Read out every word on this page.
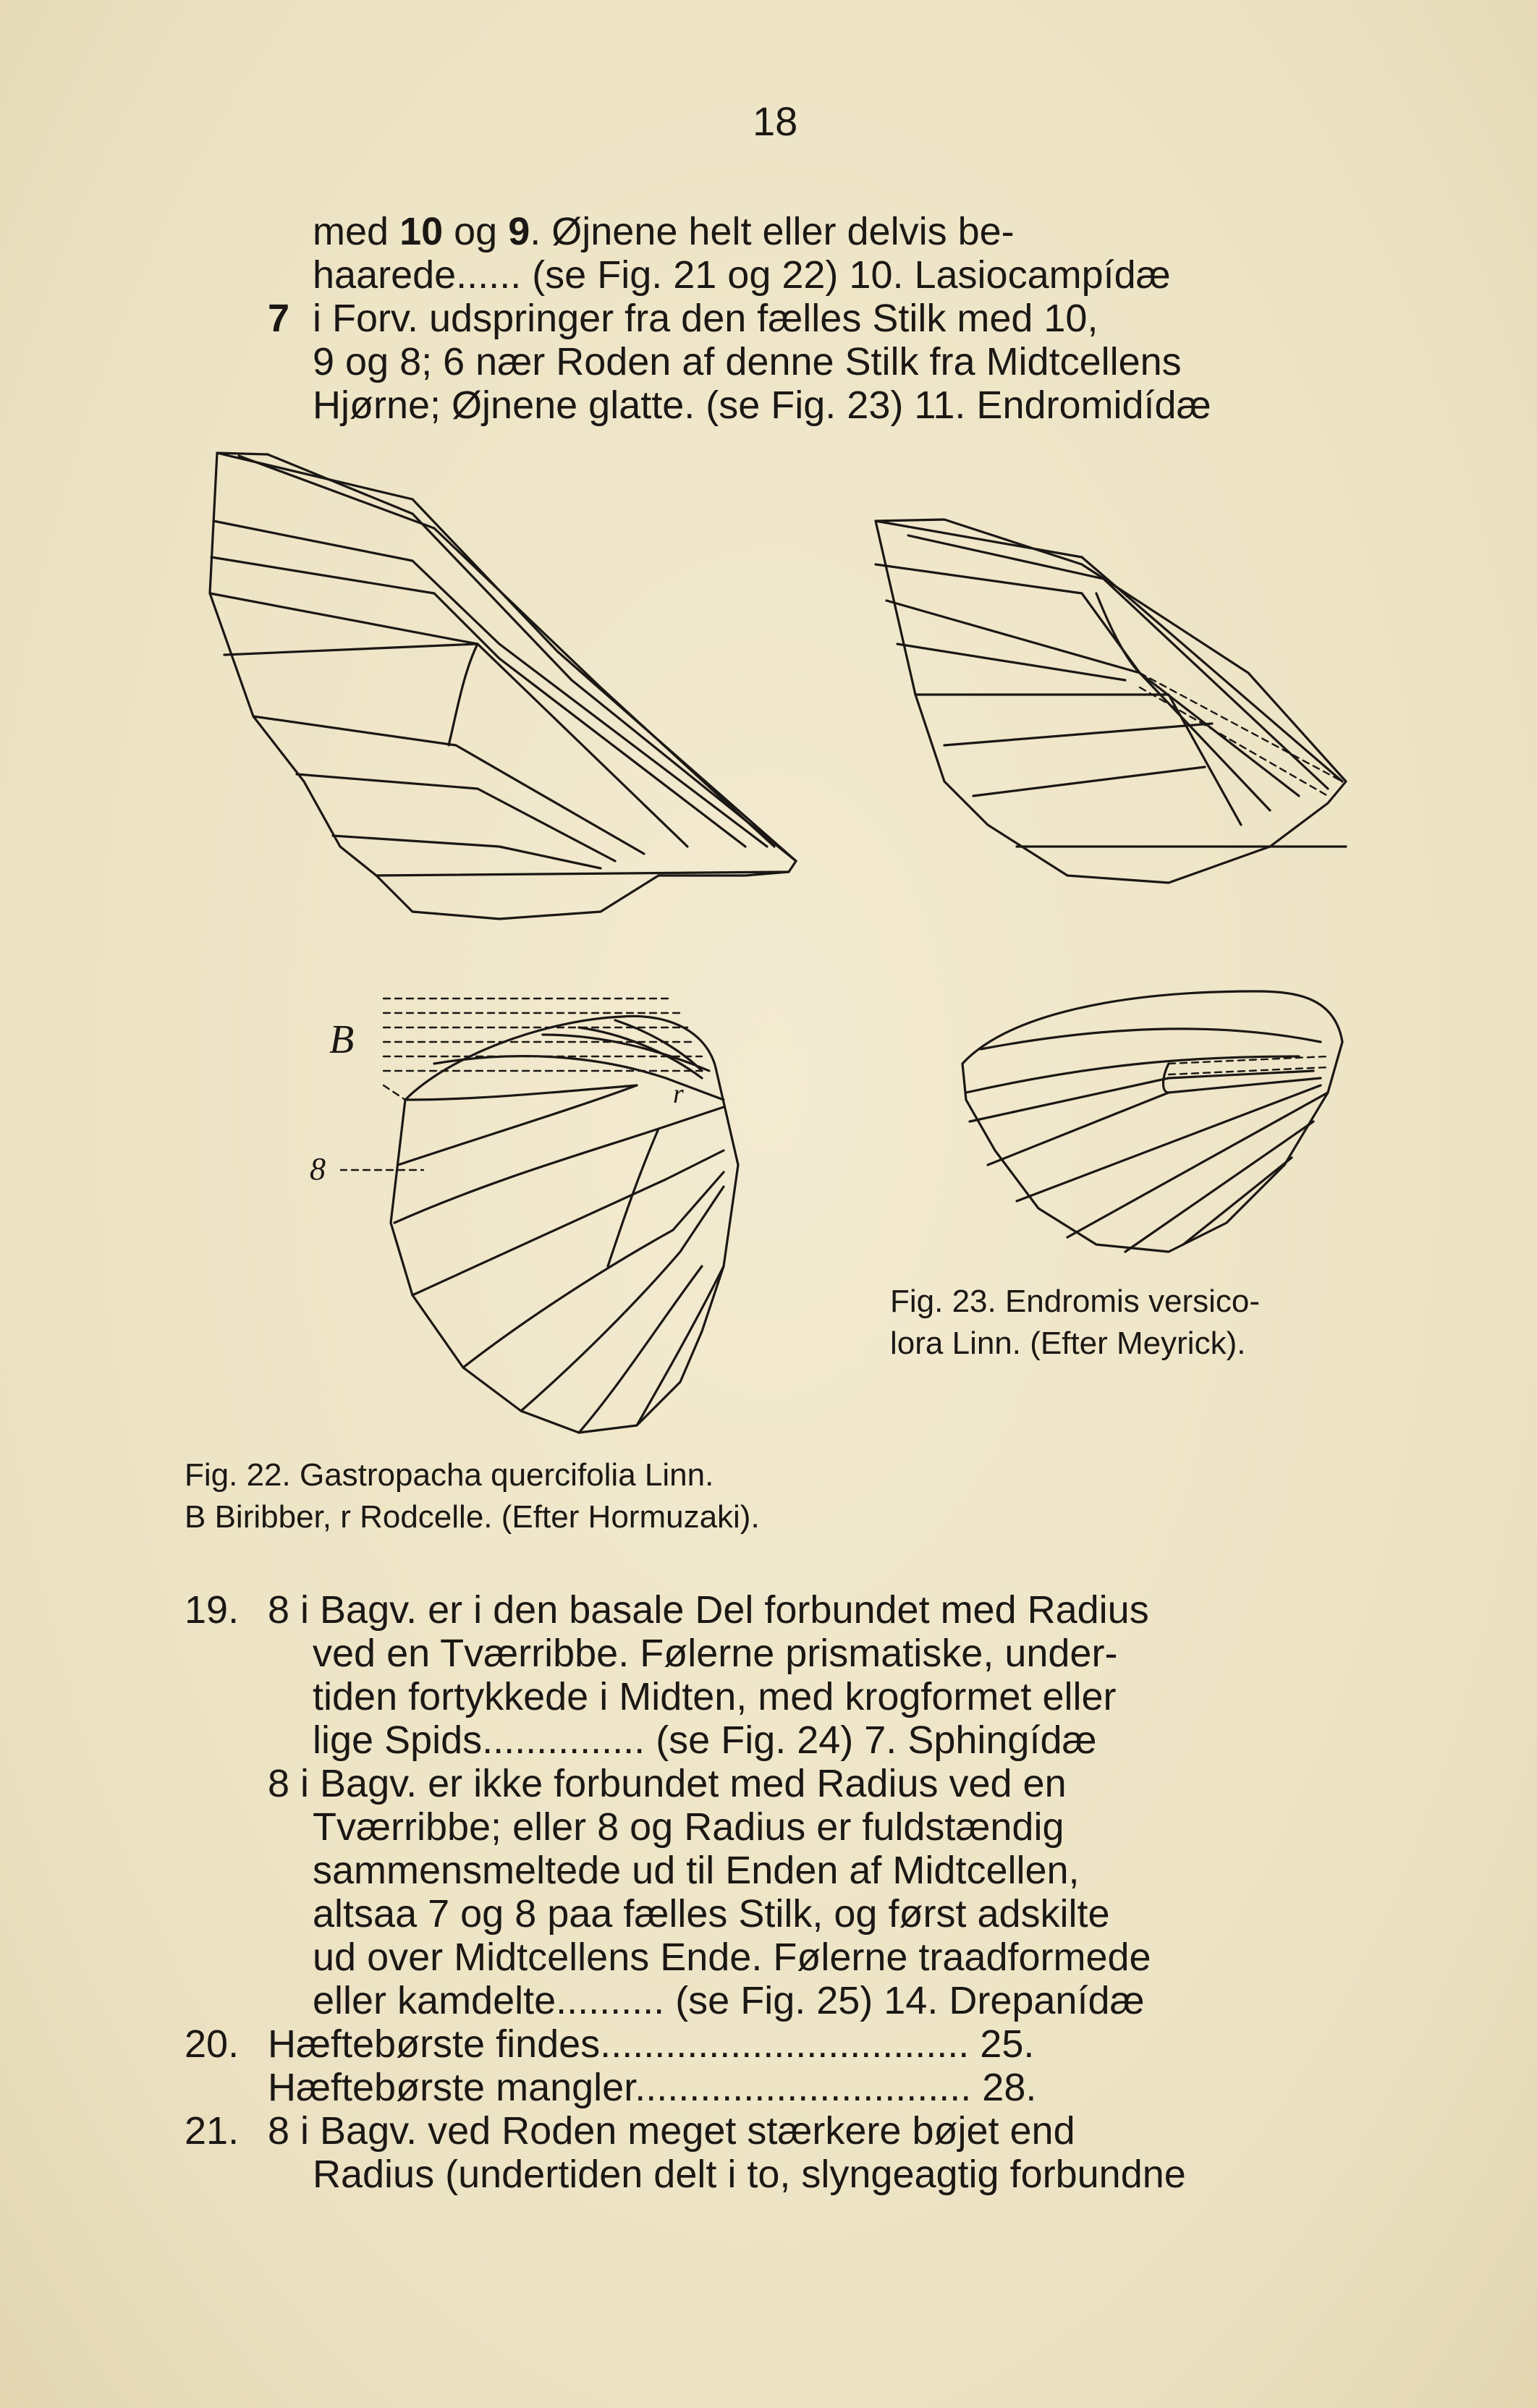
18
med 10 og 9. Øjnene helt eller delvis be-
haarede...... (se Fig. 21 og 22) 10. Lasiocampídæ
7 i Forv. udspringer fra den fælles Stilk med 10,
9 og 8; 6 nær Roden af denne Stilk fra Midtcellens
Hjørne; Øjnene glatte. (se Fig. 23) 11. Endromidídæ
B
8
r
Fig. 23. Endromis versico-
lora Linn. (Efter Meyrick).
Fig. 22. Gastropacha quercifolia Linn.
B Biribber, r Rodcelle. (Efter Hormuzaki).
19. 8 i Bagv. er i den basale Del forbundet med Radius
ved en Tværribbe. Følerne prismatiske, under-
tiden fortykkede i Midten, med krogformet eller
lige Spids............... (se Fig. 24) 7. Sphingídæ
8 i Bagv. er ikke forbundet med Radius ved en
Tværribbe; eller 8 og Radius er fuldstændig
sammensmeltede ud til Enden af Midtcellen,
altsaa 7 og 8 paa fælles Stilk, og først adskilte
ud over Midtcellens Ende. Følerne traadformede
eller kamdelte.......... (se Fig. 25) 14. Drepanídæ
20. Hæftebørste findes.................................. 25.
Hæftebørste mangler............................... 28.
21. 8 i Bagv. ved Roden meget stærkere bøjet end
Radius (undertiden delt i to, slyngeagtig forbundne
